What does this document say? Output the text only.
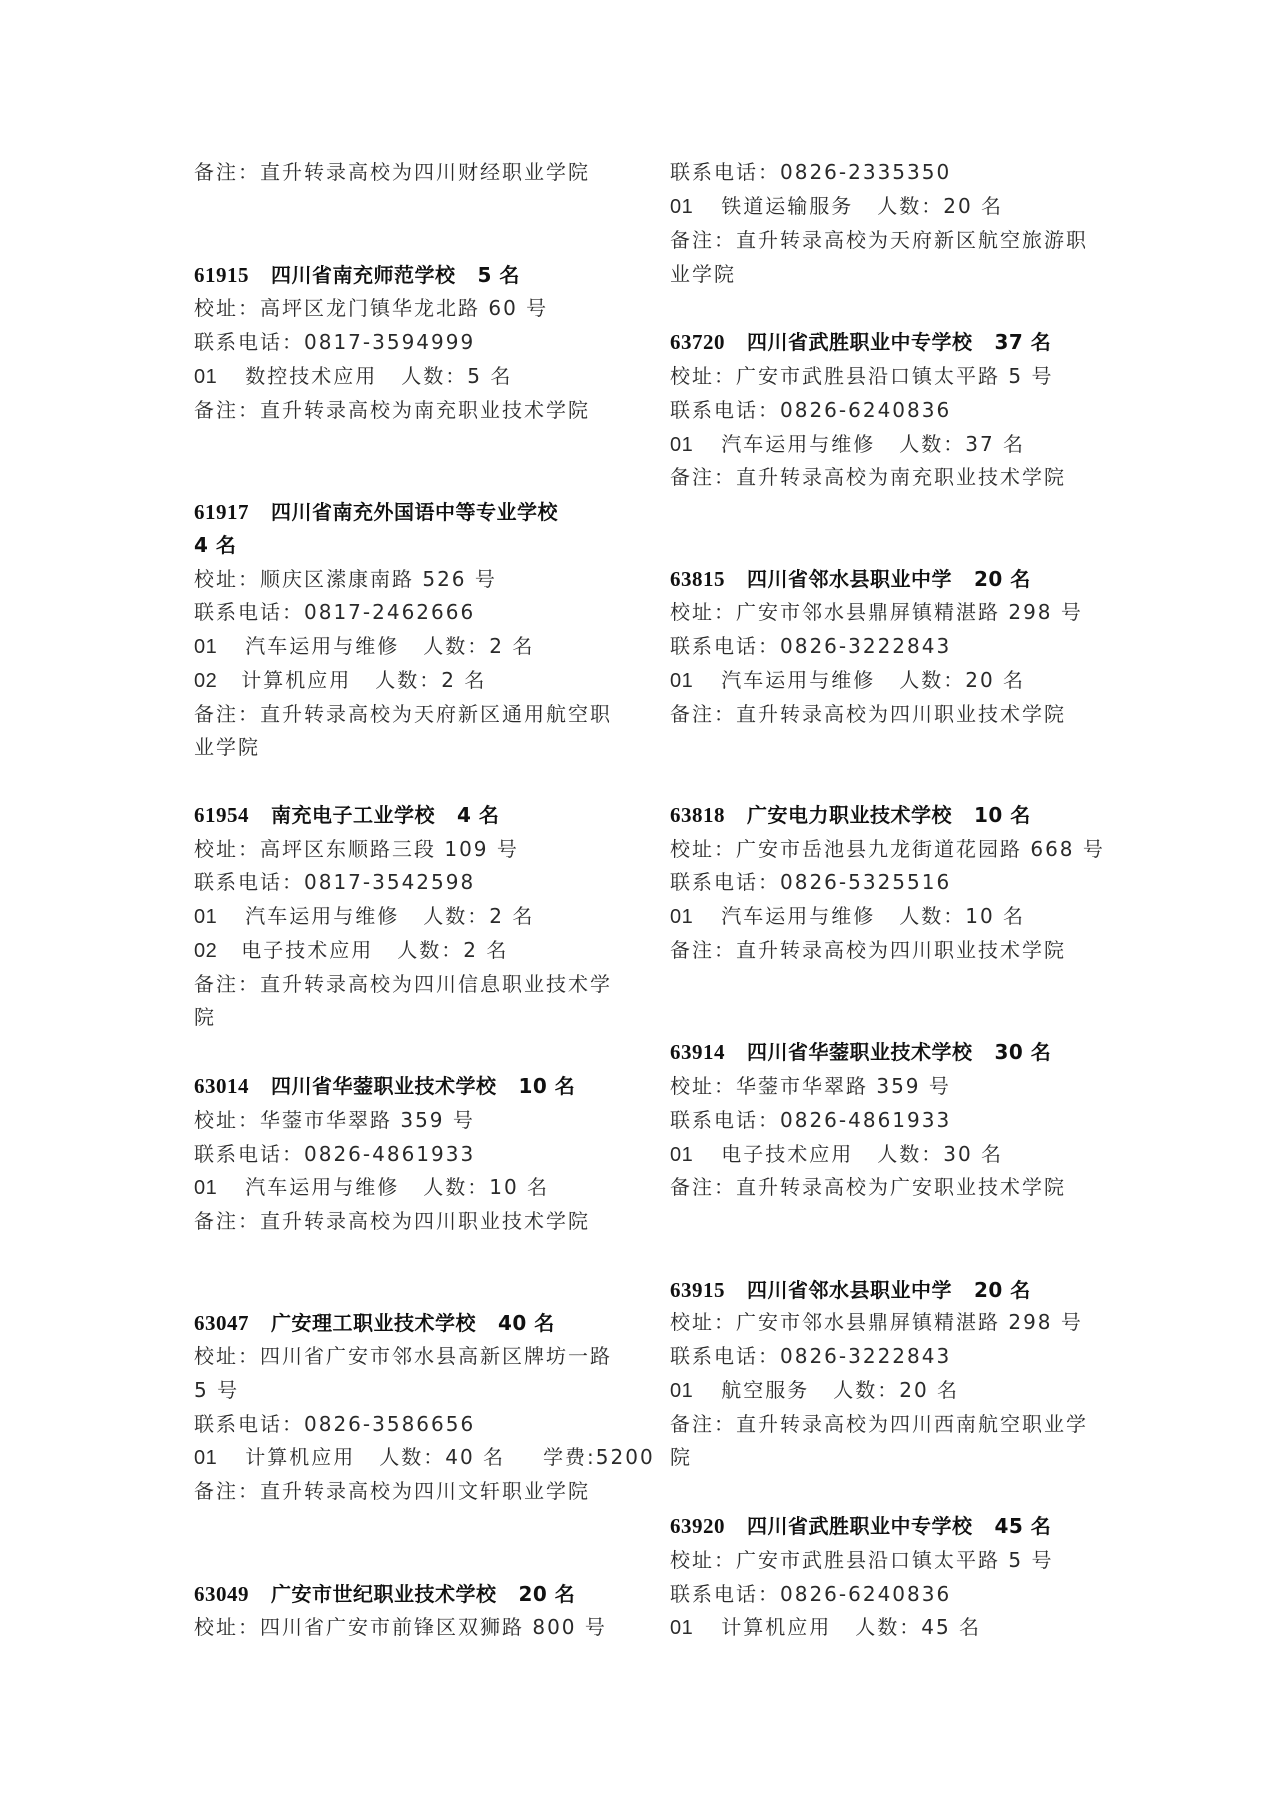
备注：直升转录高校为四川财经职业学院
61915 四川省南充师范学校 5 名
校址：高坪区龙门镇华龙北路 60 号
联系电话：0817-3594999
01 数控技术应用 人数：5 名
备注：直升转录高校为南充职业技术学院
61917 四川省南充外国语中等专业学校
4 名
校址：顺庆区潆康南路 526 号
联系电话：0817-2462666
01 汽车运用与维修 人数：2 名
02 计算机应用 人数：2 名
备注：直升转录高校为天府新区通用航空职
业学院
61954 南充电子工业学校 4 名
校址：高坪区东顺路三段 109 号
联系电话：0817-3542598
01 汽车运用与维修 人数：2 名
02 电子技术应用 人数：2 名
备注：直升转录高校为四川信息职业技术学
院
63014 四川省华蓥职业技术学校 10 名
校址：华蓥市华翠路 359 号
联系电话：0826-4861933
01 汽车运用与维修 人数：10 名
备注：直升转录高校为四川职业技术学院
63047 广安理工职业技术学校 40 名
校址：四川省广安市邻水县高新区牌坊一路
5 号
联系电话：0826-3586656
01 计算机应用 人数：40 名 学费:5200
备注：直升转录高校为四川文轩职业学院
63049 广安市世纪职业技术学校 20 名
校址：四川省广安市前锋区双狮路 800 号
联系电话：0826-2335350
01 铁道运输服务 人数：20 名
备注：直升转录高校为天府新区航空旅游职
业学院
63720 四川省武胜职业中专学校 37 名
校址：广安市武胜县沿口镇太平路 5 号
联系电话：0826-6240836
01 汽车运用与维修 人数：37 名
备注：直升转录高校为南充职业技术学院
63815 四川省邻水县职业中学 20 名
校址：广安市邻水县鼎屏镇精湛路 298 号
联系电话：0826-3222843
01 汽车运用与维修 人数：20 名
备注：直升转录高校为四川职业技术学院
63818 广安电力职业技术学校 10 名
校址：广安市岳池县九龙街道花园路 668 号
联系电话：0826-5325516
01 汽车运用与维修 人数：10 名
备注：直升转录高校为四川职业技术学院
63914 四川省华蓥职业技术学校 30 名
校址：华蓥市华翠路 359 号
联系电话：0826-4861933
01 电子技术应用 人数：30 名
备注：直升转录高校为广安职业技术学院
63915 四川省邻水县职业中学 20 名
校址：广安市邻水县鼎屏镇精湛路 298 号
联系电话：0826-3222843
01 航空服务 人数：20 名
备注：直升转录高校为四川西南航空职业学
院
63920 四川省武胜职业中专学校 45 名
校址：广安市武胜县沿口镇太平路 5 号
联系电话：0826-6240836
01 计算机应用 人数：45 名
